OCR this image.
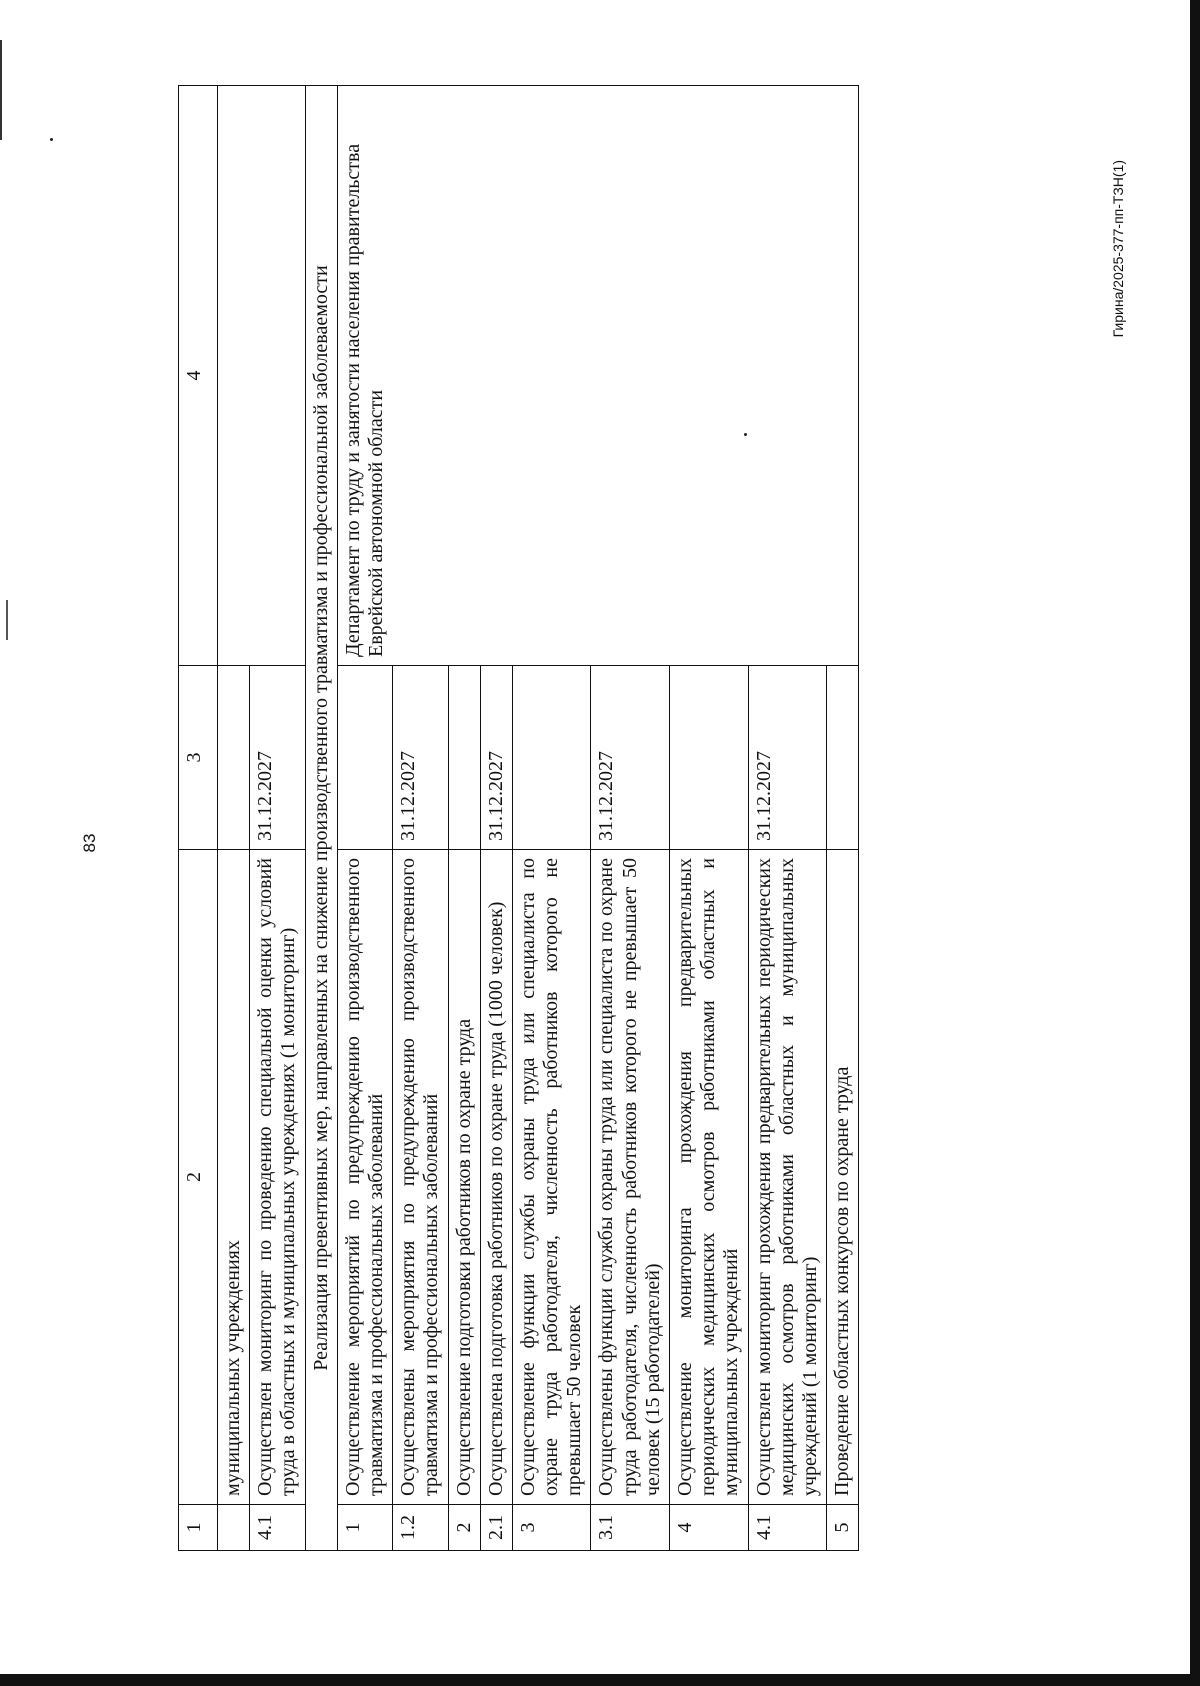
83
1	2	3	4
	муниципальных учреждениях		
4.1	Осуществлен мониторинг по проведению специальной оценки условий труда в областных и муниципальных учреждениях (1 мониторинг)	31.12.2027	
Реализация превентивных мер, направленных на снижение производственного травматизма и профессиональной заболеваемости			
1	Осуществление мероприятий по предупреждению производственного травматизма и профессиональных заболеваний		Департамент по труду и занятости населения правительства Еврейской автономной области
1.2	Осуществлены мероприятия по предупреждению производственного травматизма и профессиональных заболеваний	31.12.2027	
2	Осуществление подготовки работников по охране труда		
2.1	Осуществлена подготовка работников по охране труда (1000 человек)	31.12.2027	
3	Осуществление функции службы охраны труда или специалиста по охране труда работодателя, численность работников которого не превышает 50 человек		
3.1	Осуществлены функции службы охраны труда или специалиста по охране труда работодателя, численность работников которого не превышает 50 человек (15 работодателей)	31.12.2027	
4	Осуществление мониторинга прохождения предварительных периодических медицинских осмотров работниками областных и муниципальных учреждений		
4.1	Осуществлен мониторинг прохождения предварительных периодических медицинских осмотров работниками областных и муниципальных учреждений (1 мониторинг)	31.12.2027	
5	Проведение областных конкурсов по охране труда		
Гирина/2025-377-пп-ТЗН(1)
